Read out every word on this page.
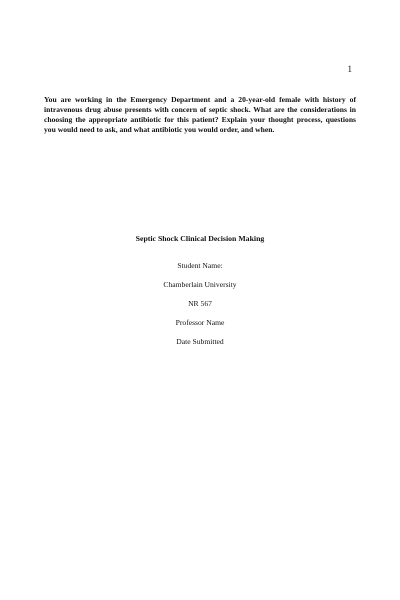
1

You are working in the Emergency Department and a 20-year-old female with history of intravenous drug abuse presents with concern of septic shock. What are the considerations in choosing the appropriate antibiotic for this patient? Explain your thought process, questions you would need to ask, and what antibiotic you would order, and when.

Septic Shock Clinical Decision Making

Student Name:

Chamberlain University

NR 567

Professor Name

Date Submitted
